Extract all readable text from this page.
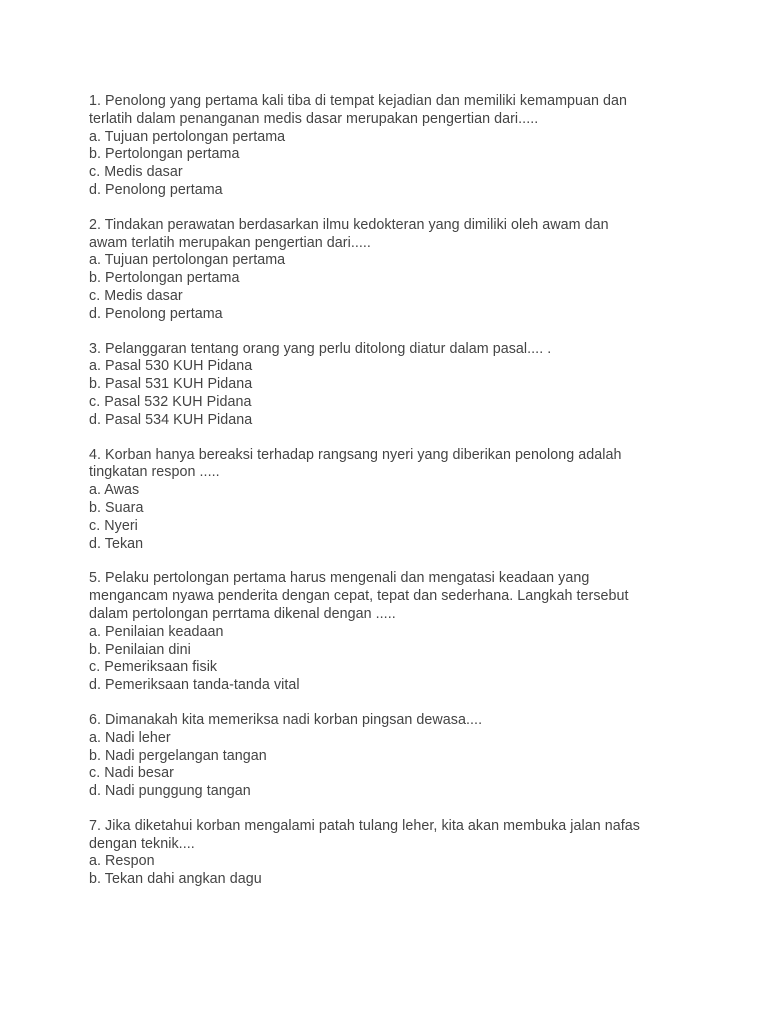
1. Penolong yang pertama kali tiba di tempat kejadian dan memiliki kemampuan dan
terlatih dalam penanganan medis dasar merupakan pengertian dari.....
a. Tujuan pertolongan pertama
b. Pertolongan pertama
c. Medis dasar
d. Penolong pertama
2. Tindakan perawatan berdasarkan ilmu kedokteran yang dimiliki oleh awam dan
awam terlatih merupakan pengertian dari.....
a. Tujuan pertolongan pertama
b. Pertolongan pertama
c. Medis dasar
d. Penolong pertama
3. Pelanggaran tentang orang yang perlu ditolong diatur dalam pasal.... .
a. Pasal 530 KUH Pidana
b. Pasal 531 KUH Pidana
c. Pasal 532 KUH Pidana
d. Pasal 534 KUH Pidana
4. Korban hanya bereaksi terhadap rangsang nyeri yang diberikan penolong adalah
tingkatan respon .....
a. Awas
b. Suara
c. Nyeri
d. Tekan
5. Pelaku pertolongan pertama harus mengenali dan mengatasi keadaan yang
mengancam nyawa penderita dengan cepat, tepat dan sederhana. Langkah tersebut
dalam pertolongan perrtama dikenal dengan .....
a. Penilaian keadaan
b. Penilaian dini
c. Pemeriksaan fisik
d. Pemeriksaan tanda-tanda vital
6. Dimanakah kita memeriksa nadi korban pingsan dewasa....
a. Nadi leher
b. Nadi pergelangan tangan
c. Nadi besar
d. Nadi punggung tangan
7. Jika diketahui korban mengalami patah tulang leher, kita akan membuka jalan nafas
dengan teknik....
a. Respon
b. Tekan dahi angkan dagu
